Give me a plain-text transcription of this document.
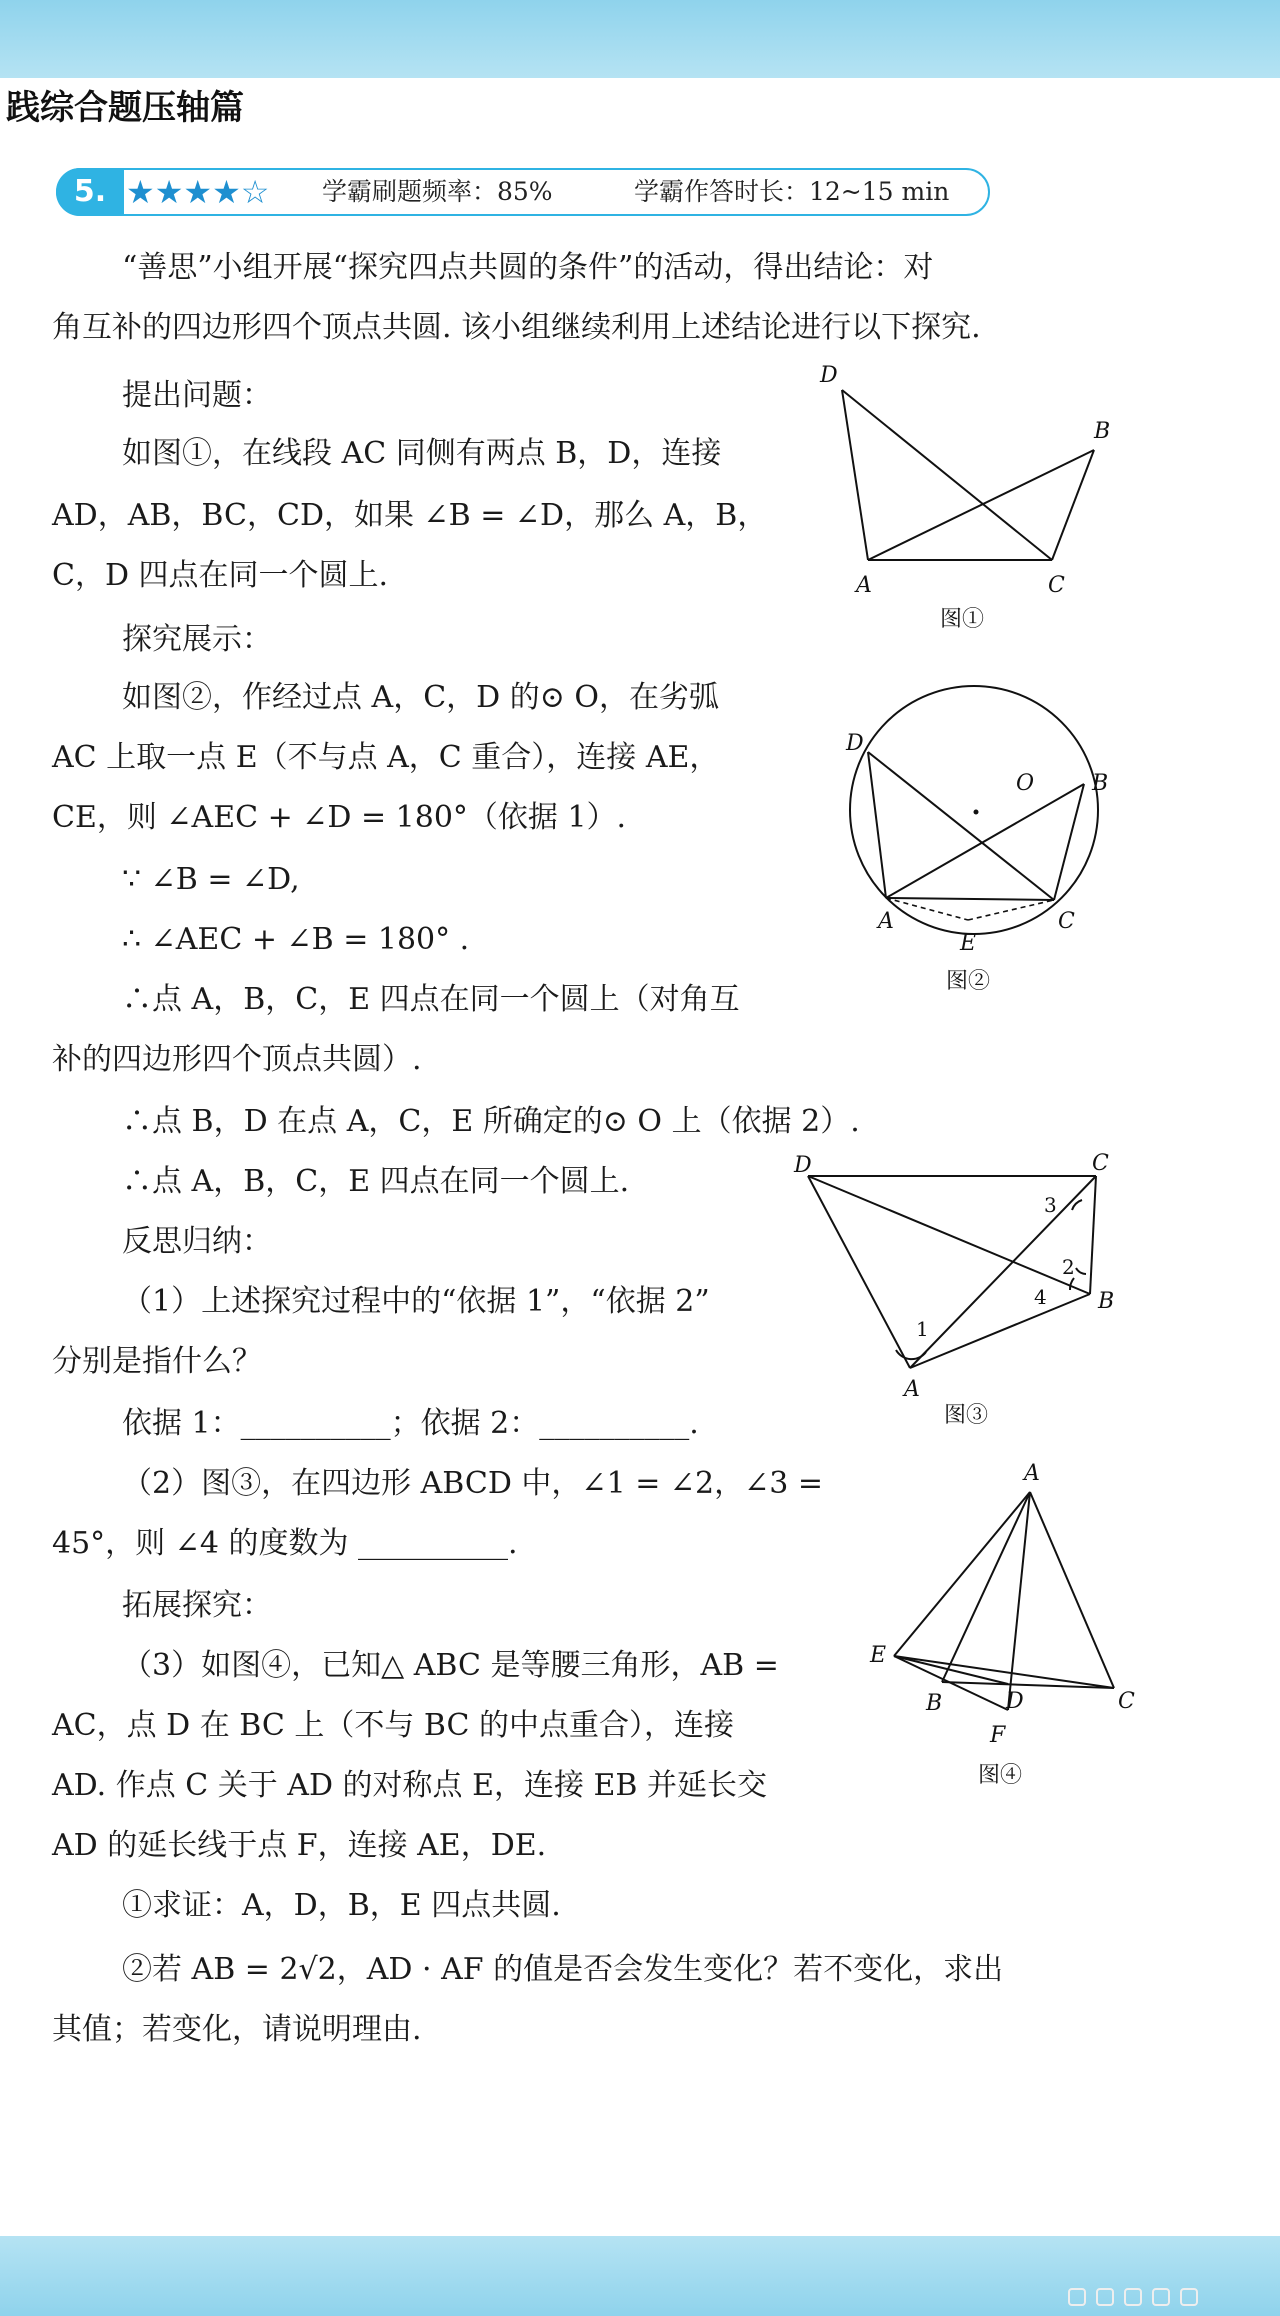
践综合题压轴篇
5. ★★★★☆ 学霸刷题频率：85%	学霸作答时长：12~15 min
“善思”小组开展“探究四点共圆的条件”的活动，得出结论：对
角互补的四边形四个顶点共圆. 该小组继续利用上述结论进行以下探究.
提出问题：
如图①，在线段 AC 同侧有两点 B，D，连接
AD，AB，BC，CD，如果 ∠B = ∠D，那么 A，B，
C，D 四点在同一个圆上.
探究展示：
如图②，作经过点 A，C，D 的⊙ O，在劣弧
AC 上取一点 E（不与点 A，C 重合），连接 AE，
CE，则 ∠AEC + ∠D = 180°（依据 1）.
∵ ∠B = ∠D,
∴ ∠AEC + ∠B = 180° .
∴点 A，B，C，E 四点在同一个圆上（对角互
补的四边形四个顶点共圆）.
∴点 B，D 在点 A，C，E 所确定的⊙ O 上（依据 2）.
∴点 A，B，C，E 四点在同一个圆上.
反思归纳：
（1）上述探究过程中的“依据 1”，“依据 2”
分别是指什么？
依据 1：__________；依据 2：__________.
（2）图③，在四边形 ABCD 中，∠1 = ∠2，∠3 =
45°，则 ∠4 的度数为 __________.
拓展探究：
（3）如图④，已知△ ABC 是等腰三角形，AB =
AC，点 D 在 BC 上（不与 BC 的中点重合），连接
AD. 作点 C 关于 AD 的对称点 E，连接 EB 并延长交
AD 的延长线于点 F，连接 AE，DE.
①求证：A，D，B，E 四点共圆.
②若 AB = 2√2，AD · AF 的值是否会发生变化？若不变化，求出
其值；若变化，请说明理由.
D
B
A	C
图①
D
O	B
A	C
E
图②
D	C
3
2
4 B
1
A
图③
A
E
B	D	C
F
图④
